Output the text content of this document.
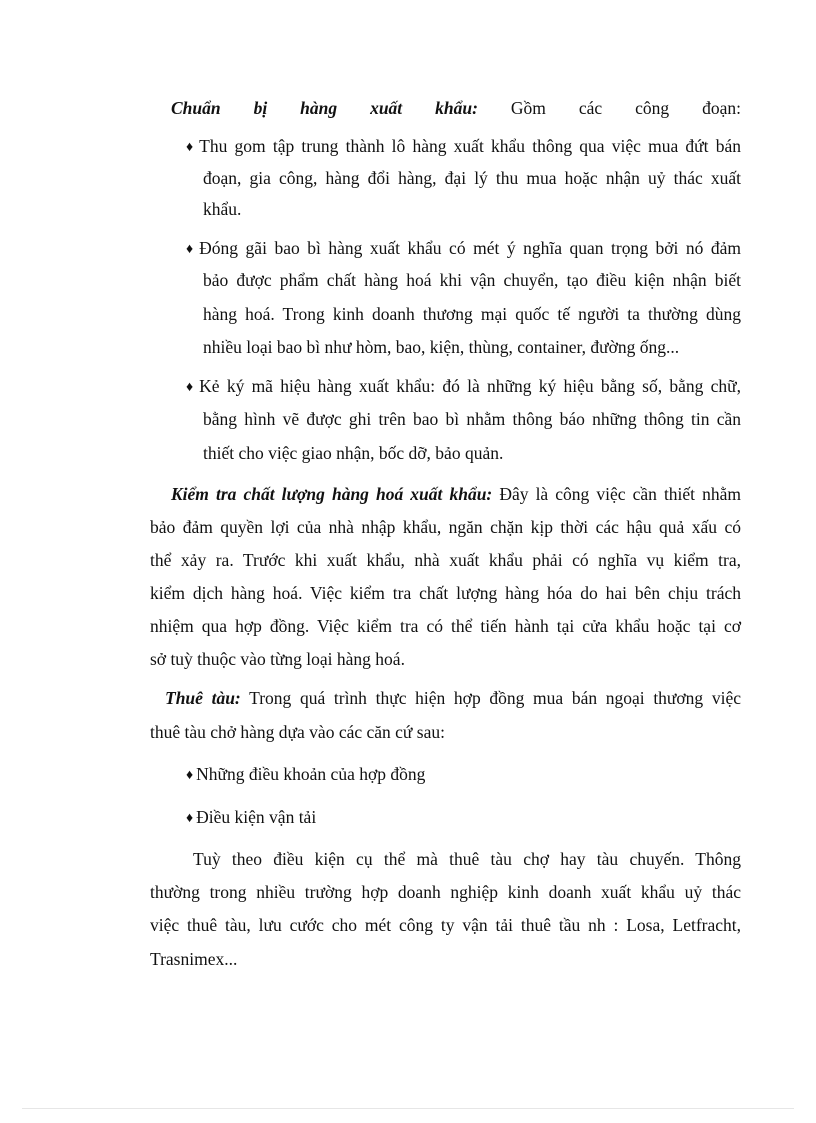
Chuẩn bị hàng xuất khẩu: Gồm các công đoạn:
♦ Thu gom tập trung thành lô hàng xuất khẩu thông qua việc mua đứt bán
đoạn, gia công, hàng đổi hàng, đại lý thu mua hoặc nhận uỷ thác xuất
khẩu.
♦ Đóng gãi bao bì hàng xuất khẩu có mét ý nghĩa quan trọng bởi nó đảm
bảo được phẩm chất hàng hoá khi vận chuyển, tạo điều kiện nhận biết
hàng hoá. Trong kinh doanh thương mại quốc tế người ta thường dùng
nhiều loại bao bì như hòm, bao, kiện, thùng, container, đường ống...
♦ Kẻ ký mã hiệu hàng xuất khẩu: đó là những ký hiệu bằng số, bằng chữ,
bằng hình vẽ được ghi trên bao bì nhằm thông báo những thông tin cần
thiết cho việc giao nhận, bốc dỡ, bảo quản.
Kiểm tra chất lượng hàng hoá xuất khẩu: Đây là công việc cần thiết nhằm
bảo đảm quyền lợi của nhà nhập khẩu, ngăn chặn kịp thời các hậu quả xấu có
thể xảy ra. Trước khi xuất khẩu, nhà xuất khẩu phải có nghĩa vụ kiểm tra,
kiểm dịch hàng hoá. Việc kiểm tra chất lượng hàng hóa do hai bên chịu trách
nhiệm qua hợp đồng. Việc kiểm tra có thể tiến hành tại cửa khẩu hoặc tại cơ
sở tuỳ thuộc vào từng loại hàng hoá.
Thuê tàu: Trong quá trình thực hiện hợp đồng mua bán ngoại thương việc
thuê tàu chở hàng dựa vào các căn cứ sau:
♦ Những điều khoản của hợp đồng
♦ Điều kiện vận tải
Tuỳ theo điều kiện cụ thể mà thuê tàu chợ hay tàu chuyến. Thông
thường trong nhiều trường hợp doanh nghiệp kinh doanh xuất khẩu uỷ thác
việc thuê tàu, lưu cước cho mét công ty vận tải thuê tầu nh : Losa, Letfracht,
Trasnimex...
